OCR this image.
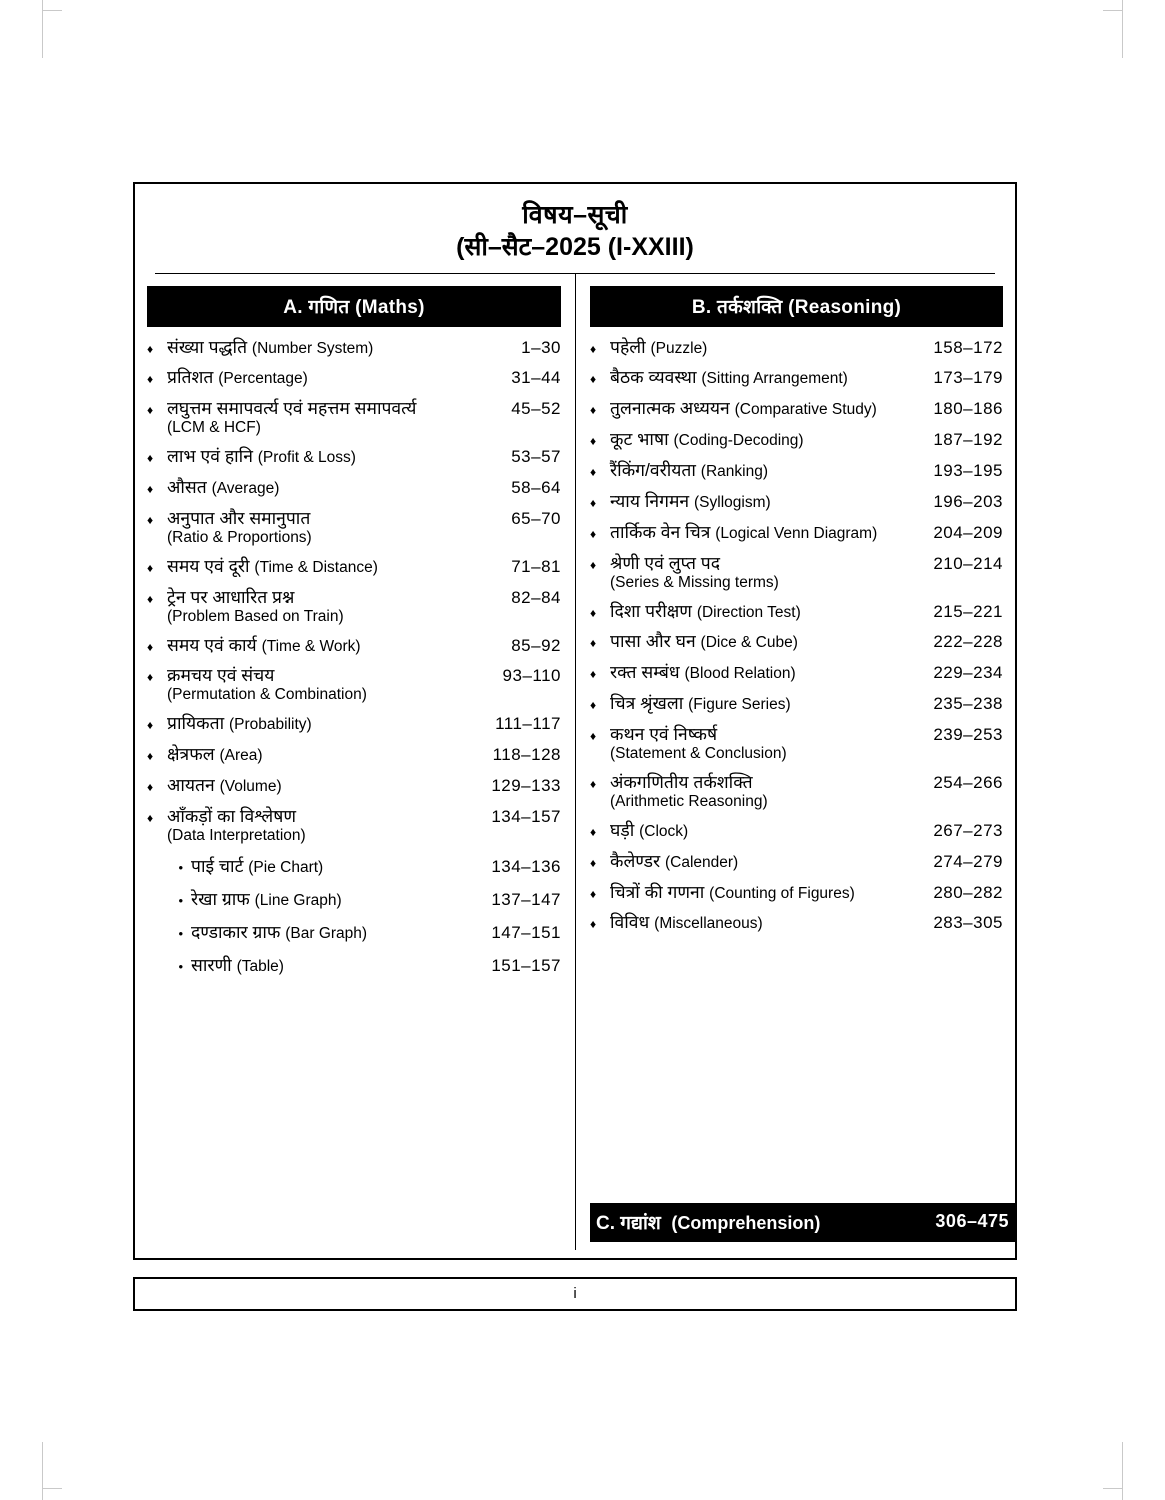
विषय–सूची
(सी–सैट–2025 (I-XXIII)
A. गणित (Maths)
♦ संख्या पद्धति (Number System)	1–30
♦ प्रतिशत (Percentage)	31–44
♦ लघुत्तम समापवर्त्य एवं महत्तम समापवर्त्य	45–52
(LCM & HCF)
♦ लाभ एवं हानि (Profit & Loss)	53–57
♦ औसत (Average)	58–64
♦ अनुपात और समानुपात	65–70
(Ratio & Proportions)
♦ समय एवं दूरी (Time & Distance)	71–81
♦ ट्रेन पर आधारित प्रश्न	82–84
(Problem Based on Train)
♦ समय एवं कार्य (Time & Work)	85–92
♦ क्रमचय एवं संचय	93–110
(Permutation & Combination)
♦ प्रायिकता (Probability)	111–117
♦ क्षेत्रफल (Area)	118–128
♦ आयतन (Volume)	129–133
♦ आँकड़ों का विश्लेषण	134–157
(Data Interpretation)
• पाई चार्ट (Pie Chart)	134–136
• रेखा ग्राफ (Line Graph)	137–147
• दण्डाकार ग्राफ (Bar Graph)	147–151
• सारणी (Table)	151–157
B. तर्कशक्ति (Reasoning)
♦ पहेली (Puzzle)	158–172
♦ बैठक व्यवस्था (Sitting Arrangement)	173–179
♦ तुलनात्मक अध्ययन (Comparative Study)	180–186
♦ कूट भाषा (Coding-Decoding)	187–192
♦ रैंकिंग/वरीयता (Ranking)	193–195
♦ न्याय निगमन (Syllogism)	196–203
♦ तार्किक वेन चित्र (Logical Venn Diagram)	204–209
♦ श्रेणी एवं लुप्त पद	210–214
(Series & Missing terms)
♦ दिशा परीक्षण (Direction Test)	215–221
♦ पासा और घन (Dice & Cube)	222–228
♦ रक्त सम्बंध (Blood Relation)	229–234
♦ चित्र श्रृंखला (Figure Series)	235–238
♦ कथन एवं निष्कर्ष	239–253
(Statement & Conclusion)
♦ अंकगणितीय तर्कशक्ति	254–266
(Arithmetic Reasoning)
♦ घड़ी (Clock)	267–273
♦ कैलेण्डर (Calender)	274–279
♦ चित्रों की गणना (Counting of Figures)	280–282
♦ विविध (Miscellaneous)	283–305
C. गद्यांश (Comprehension)	306–475
i
